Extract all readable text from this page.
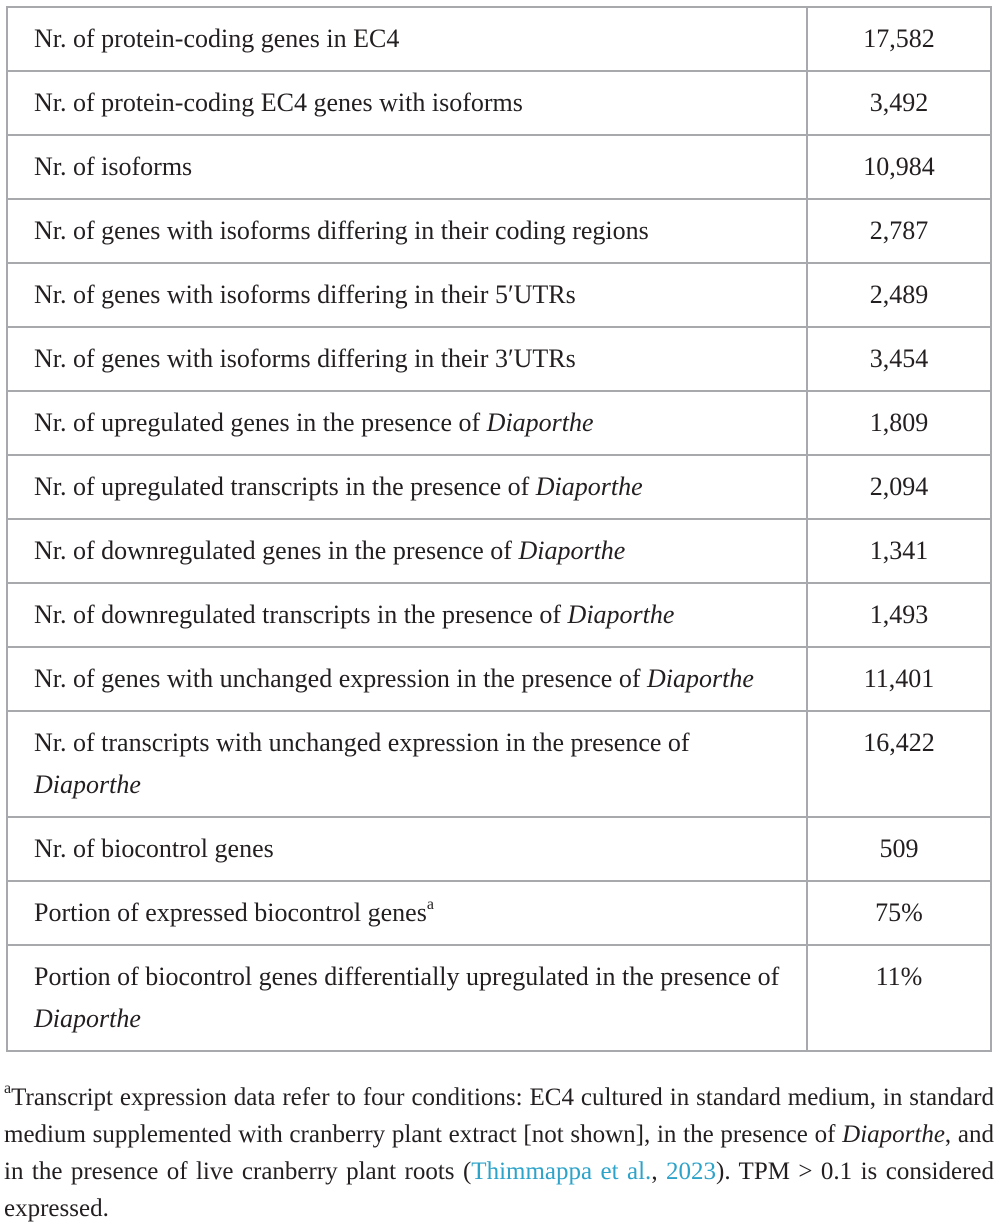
Nr. of protein-coding genes in EC4	17,582
Nr. of protein-coding EC4 genes with isoforms	3,492
Nr. of isoforms	10,984
Nr. of genes with isoforms differing in their coding regions	2,787
Nr. of genes with isoforms differing in their 5′UTRs	2,489
Nr. of genes with isoforms differing in their 3′UTRs	3,454
Nr. of upregulated genes in the presence of Diaporthe	1,809
Nr. of upregulated transcripts in the presence of Diaporthe	2,094
Nr. of downregulated genes in the presence of Diaporthe	1,341
Nr. of downregulated transcripts in the presence of Diaporthe	1,493
Nr. of genes with unchanged expression in the presence of Diaporthe	11,401
Nr. of transcripts with unchanged expression in the presence of Diaporthe	16,422
Nr. of biocontrol genes	509
Portion of expressed biocontrol genes$^a$	75%
Portion of biocontrol genes differentially upregulated in the presence of Diaporthe	11%
$^a$Transcript expression data refer to four conditions: EC4 cultured in standard medium, in standard medium supplemented with cranberry plant extract [not shown], in the presence of Diaporthe, and in the presence of live cranberry plant roots (Thimmappa et al., 2023). TPM > 0.1 is considered expressed.
